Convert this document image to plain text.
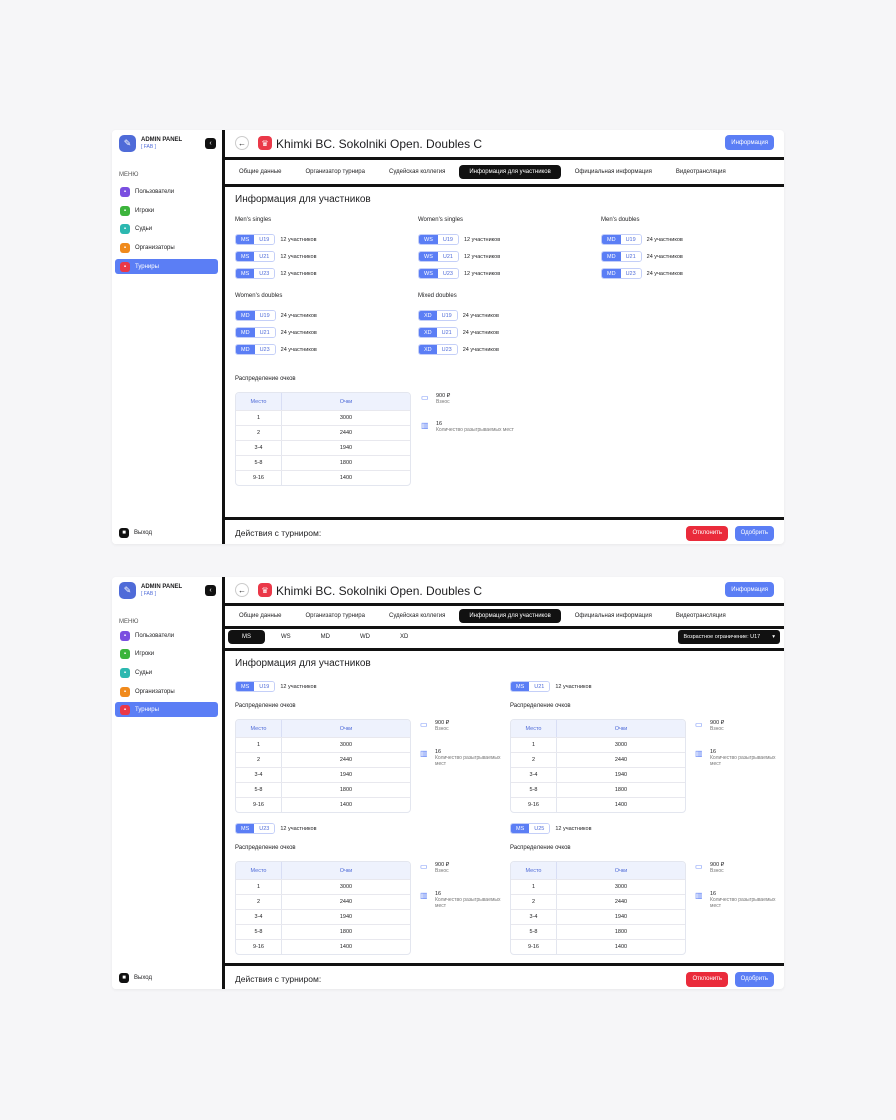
✎	ADMIN PANEL
[ FAB ]	‹
МЕНЮ
▪	Пользователи
▪	Игроки
▪	Судьи
▪	Организаторы
▪	Турниры
■	Выход
←	♛ Khimki BC. Sokolniki Open. Doubles C	Информация
Общие данные	Организатор турнира	Судейская коллегия	Информация для участников	Официальная информация	Видеотрансляция
Информация для участников
Men's singles
MS	U19	12 участников
MS	U21	12 участников
MS	U23	12 участников
Women's singles
WS	U19	12 участников
WS	U21	12 участников
WS	U23	12 участников
Men's doubles
MD	U19	24 участников
MD	U21	24 участников
MD	U23	24 участников
Women's doubles
MD	U19	24 участников
MD	U21	24 участников
MD	U23	24 участников
Mixed doubles
XD	U19	24 участников
XD	U21	24 участников
XD	U23	24 участников
Распределение очков
Место	Очки
1	3000
2	2440
3-4	1940
5-8	1800
9-16	1400
▭	900 ₽
Взнос
▥	16
Количество разыгрываемых мест
Действия с турниром:	Отклонить	Одобрить
✎	ADMIN PANEL
[ FAB ]	‹
МЕНЮ
▪	Пользователи
▪	Игроки
▪	Судьи
▪	Организаторы
▪	Турниры
■	Выход
←	♛ Khimki BC. Sokolniki Open. Doubles C	Информация
Общие данные	Организатор турнира	Судейская коллегия	Информация для участников	Официальная информация	Видеотрансляция
MS	WS	MD	WD	XD	Возрастное ограничение: U17 ▾
Информация для участников
MS	U19	12 участников
Распределение очков
Место	Очки
1	3000
2	2440
3-4	1940
5-8	1800
9-16	1400
▭	900 ₽
Взнос
▥	16
Количество разыгрываемых мест
MS	U21	12 участников
Распределение очков
Место	Очки
1	3000
2	2440
3-4	1940
5-8	1800
9-16	1400
▭	900 ₽
Взнос
▥	16
Количество разыгрываемых мест
MS	U23	12 участников
Распределение очков
Место	Очки
1	3000
2	2440
3-4	1940
5-8	1800
9-16	1400
▭	900 ₽
Взнос
▥	16
Количество разыгрываемых мест
MS	U25	12 участников
Распределение очков
Место	Очки
1	3000
2	2440
3-4	1940
5-8	1800
9-16	1400
▭	900 ₽
Взнос
▥	16
Количество разыгрываемых мест
Действия с турниром:	Отклонить	Одобрить
